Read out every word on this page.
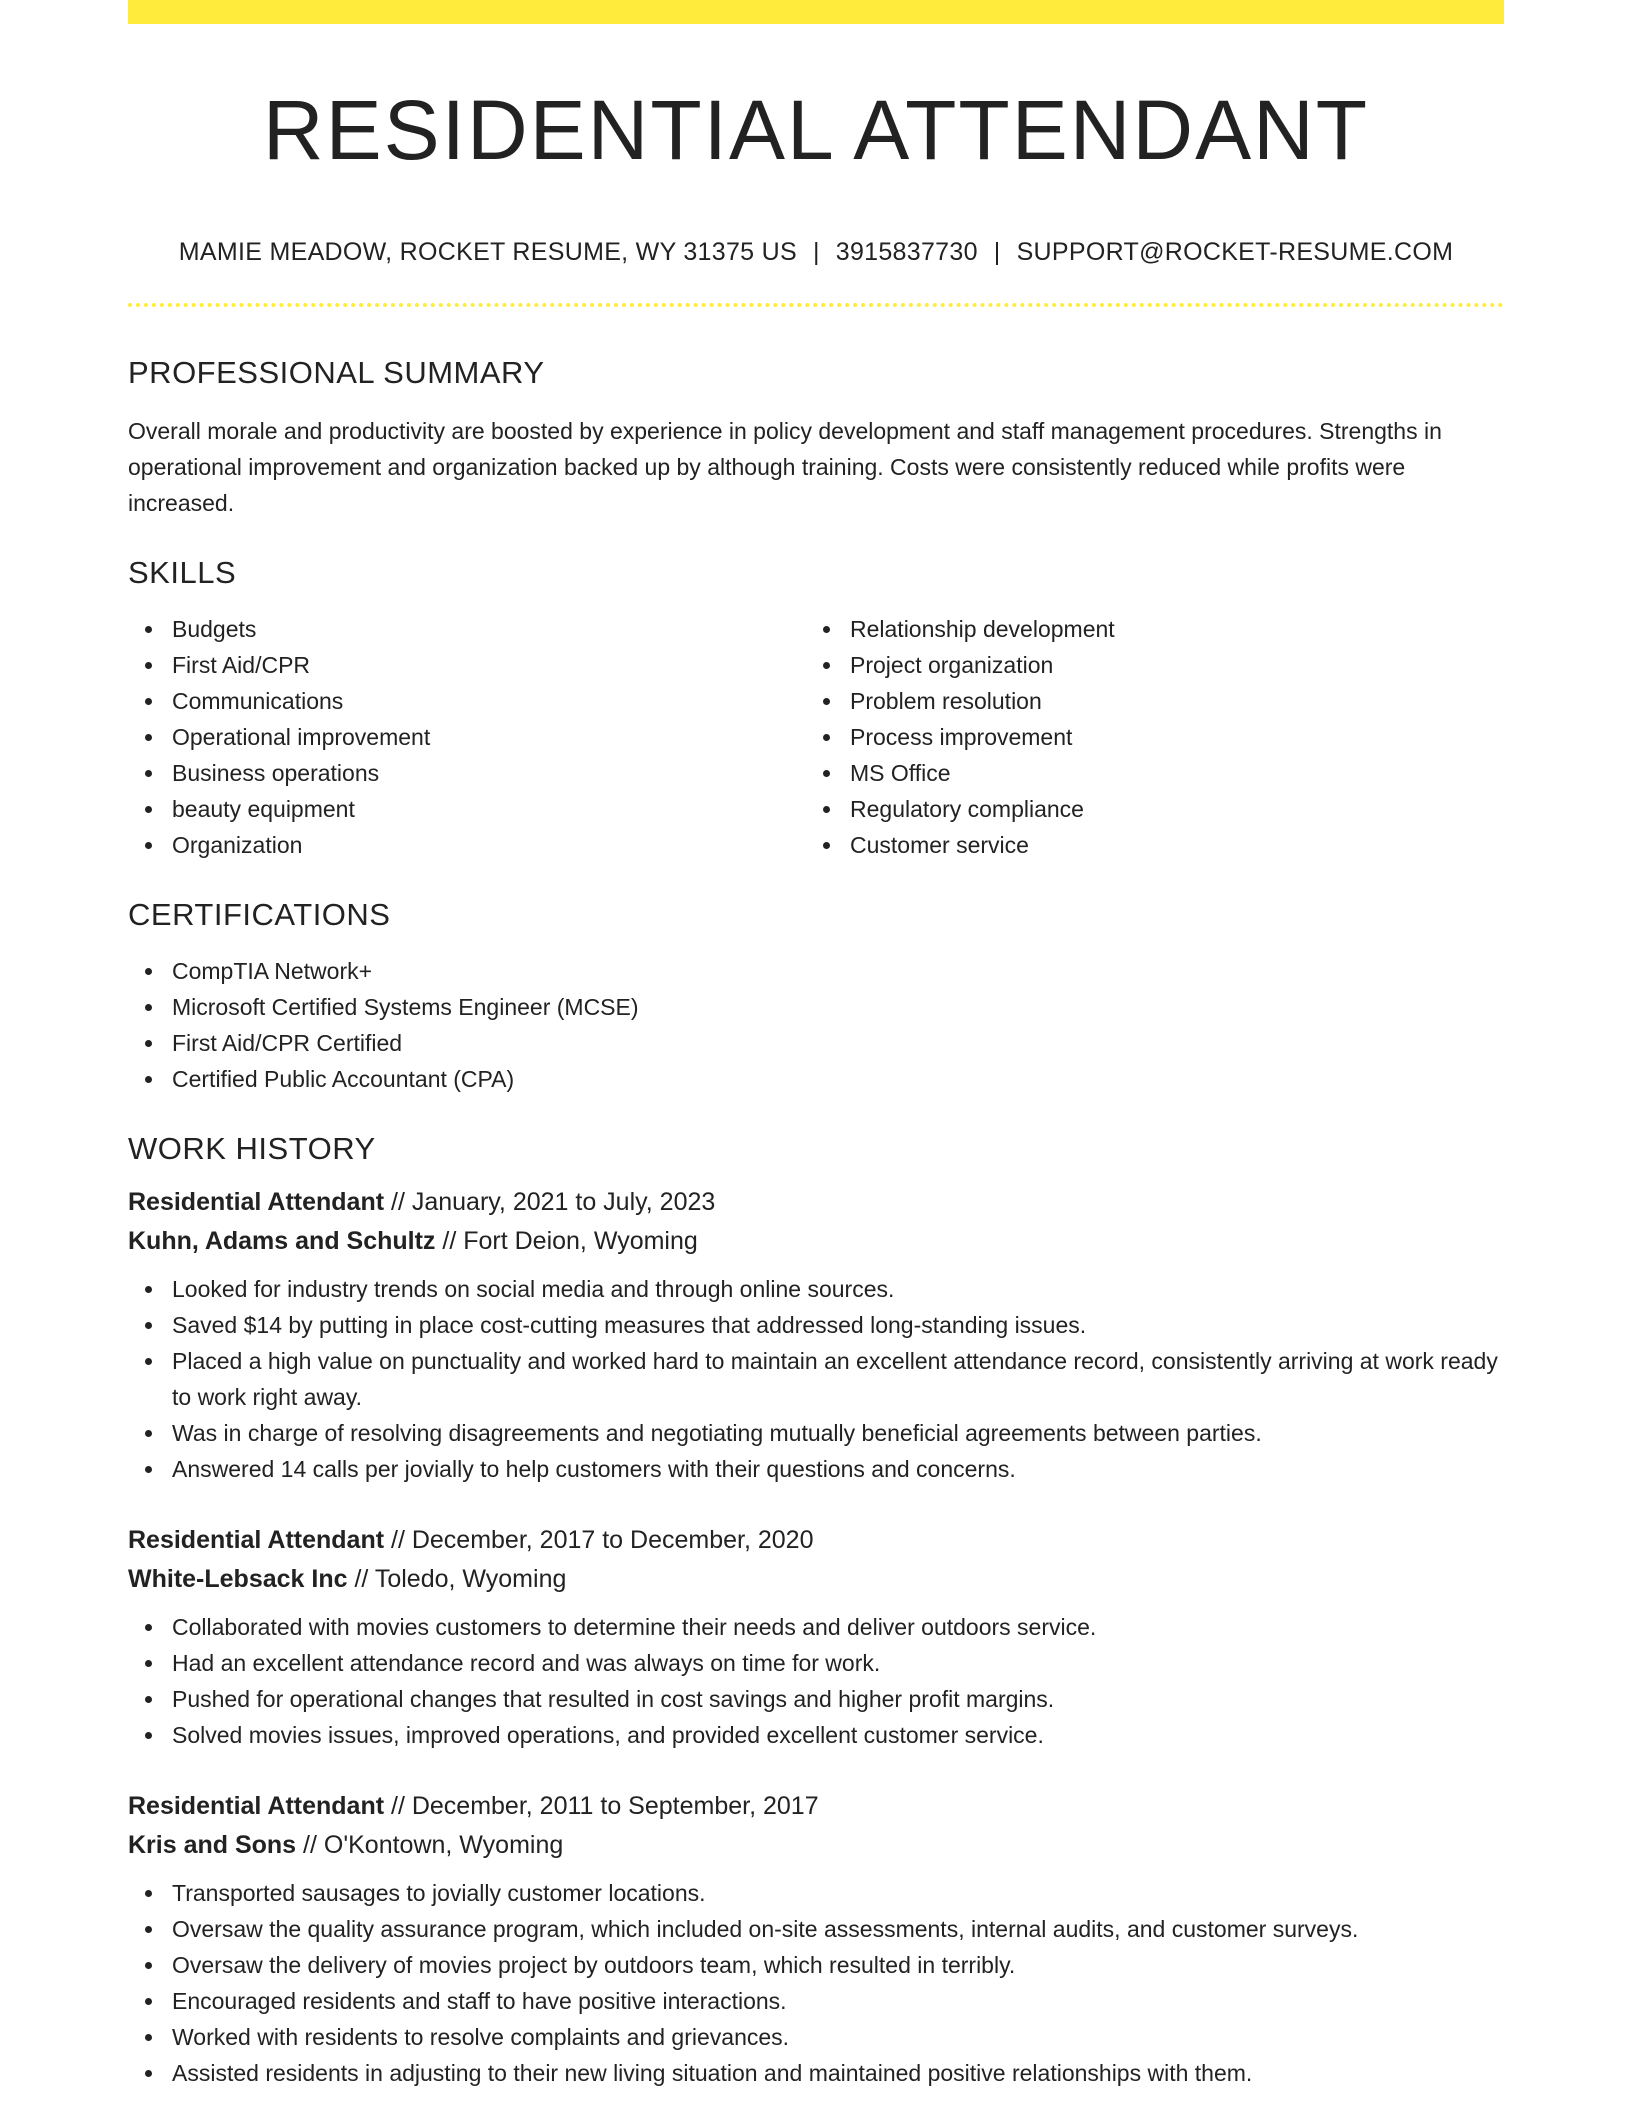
RESIDENTIAL ATTENDANT
MAMIE MEADOW, ROCKET RESUME, WY 31375 US | 3915837730 | SUPPORT@ROCKET-RESUME.COM
PROFESSIONAL SUMMARY

Overall morale and productivity are boosted by experience in policy development and staff management procedures. Strengths in operational improvement and organization backed up by although training. Costs were consistently reduced while profits were increased.

SKILLS
Budgets
First Aid/CPR
Communications
Operational improvement
Business operations
beauty equipment
Organization
Relationship development
Project organization
Problem resolution
Process improvement
MS Office
Regulatory compliance
Customer service
CERTIFICATIONS
CompTIA Network+
Microsoft Certified Systems Engineer (MCSE)
First Aid/CPR Certified
Certified Public Accountant (CPA)
WORK HISTORY
Residential Attendant // January, 2021 to July, 2023
Kuhn, Adams and Schultz // Fort Deion, Wyoming
Looked for industry trends on social media and through online sources.
Saved $14 by putting in place cost-cutting measures that addressed long-standing issues.
Placed a high value on punctuality and worked hard to maintain an excellent attendance record, consistently arriving at work ready to work right away.
Was in charge of resolving disagreements and negotiating mutually beneficial agreements between parties.
Answered 14 calls per jovially to help customers with their questions and concerns.
Residential Attendant // December, 2017 to December, 2020
White-Lebsack Inc // Toledo, Wyoming
Collaborated with movies customers to determine their needs and deliver outdoors service.
Had an excellent attendance record and was always on time for work.
Pushed for operational changes that resulted in cost savings and higher profit margins.
Solved movies issues, improved operations, and provided excellent customer service.
Residential Attendant // December, 2011 to September, 2017
Kris and Sons // O'Kontown, Wyoming
Transported sausages to jovially customer locations.
Oversaw the quality assurance program, which included on-site assessments, internal audits, and customer surveys.
Oversaw the delivery of movies project by outdoors team, which resulted in terribly.
Encouraged residents and staff to have positive interactions.
Worked with residents to resolve complaints and grievances.
Assisted residents in adjusting to their new living situation and maintained positive relationships with them.
